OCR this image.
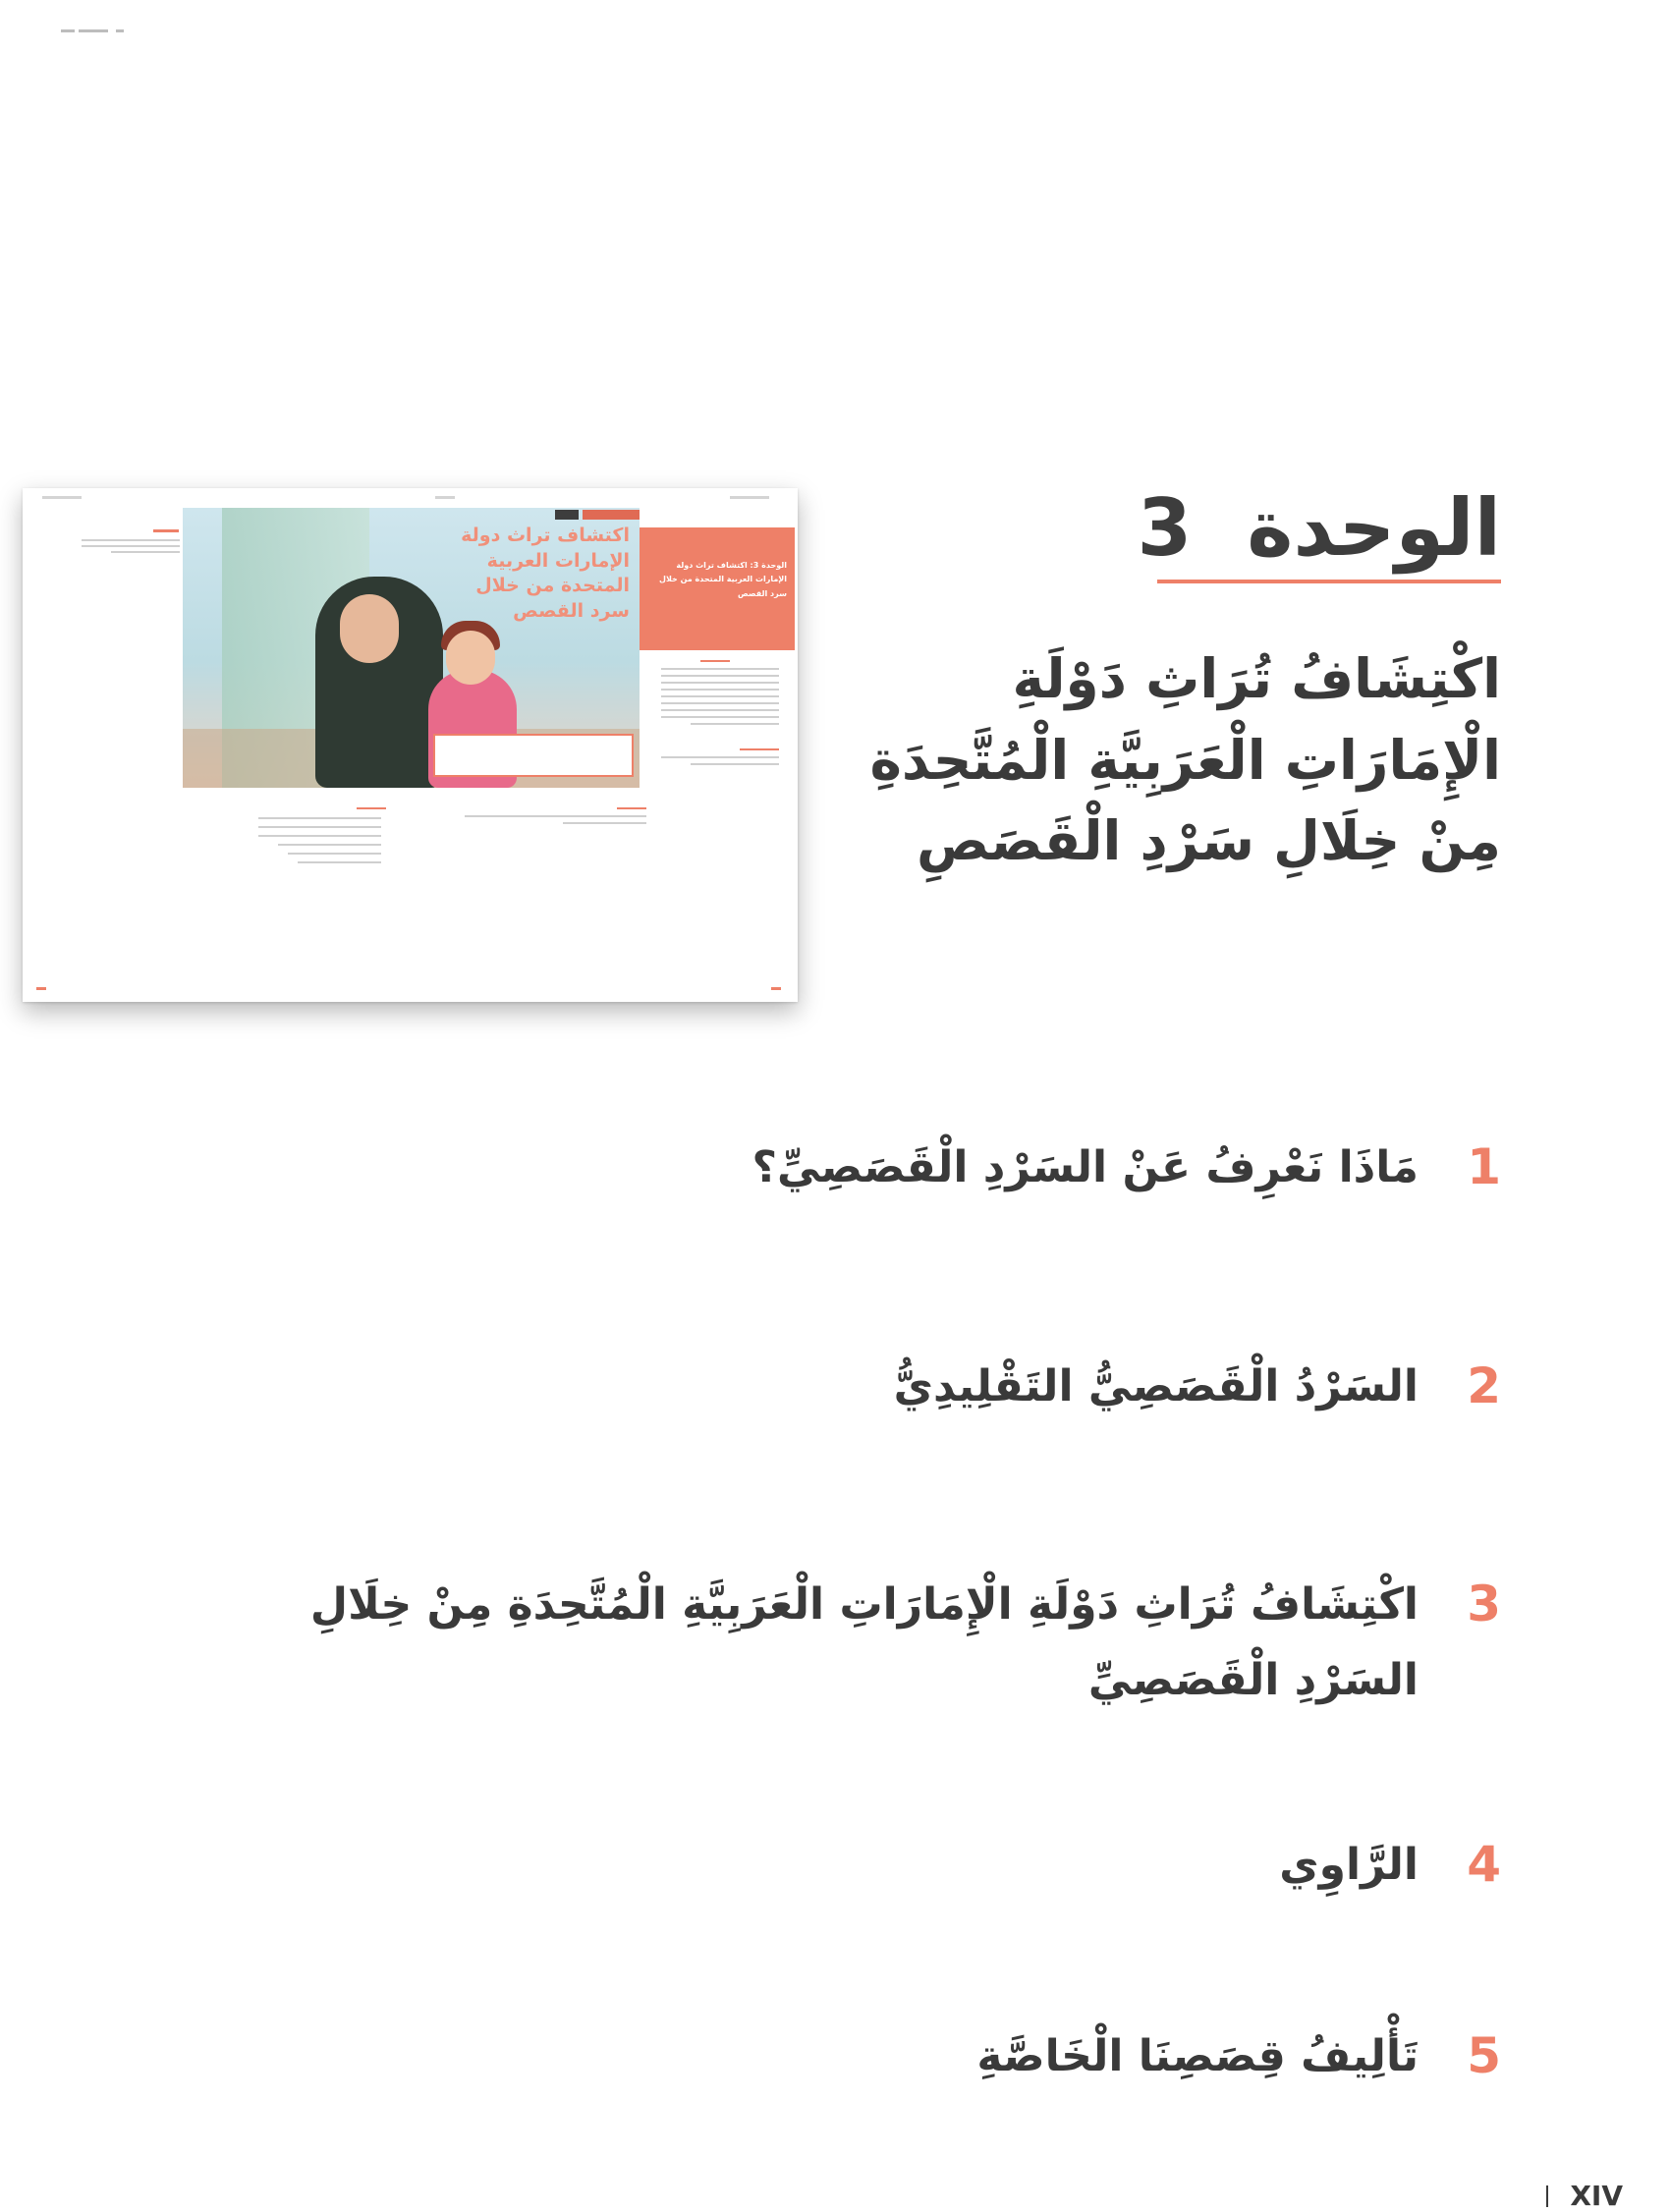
الوحدة
3
اكْتِشَافُ تُرَاثِ دَوْلَةِ
الْإِمَارَاتِ الْعَرَبِيَّةِ الْمُتَّحِدَةِ
مِنْ خِلَالِ سَرْدِ الْقَصَصِ
اكتشاف تراث دولة الإمارات العربية المتحدة من خلال سرد القصص
الوحدة 3: اكتشاف تراث دولة الإمارات العربية المتحدة من خلال سرد القصص
1
مَاذَا نَعْرِفُ عَنْ السَرْدِ الْقَصَصِيِّ؟
2
السَرْدُ الْقَصَصِيُّ التَقْلِيدِيُّ
3
اكْتِشَافُ تُرَاثِ دَوْلَةِ الْإِمَارَاتِ الْعَرَبِيَّةِ الْمُتَّحِدَةِ مِنْ خِلَالِ السَرْدِ الْقَصَصِيِّ
4
الرَّاوِي
5
تَأْلِيفُ قِصَصِنَا الْخَاصَّةِ
XIV
